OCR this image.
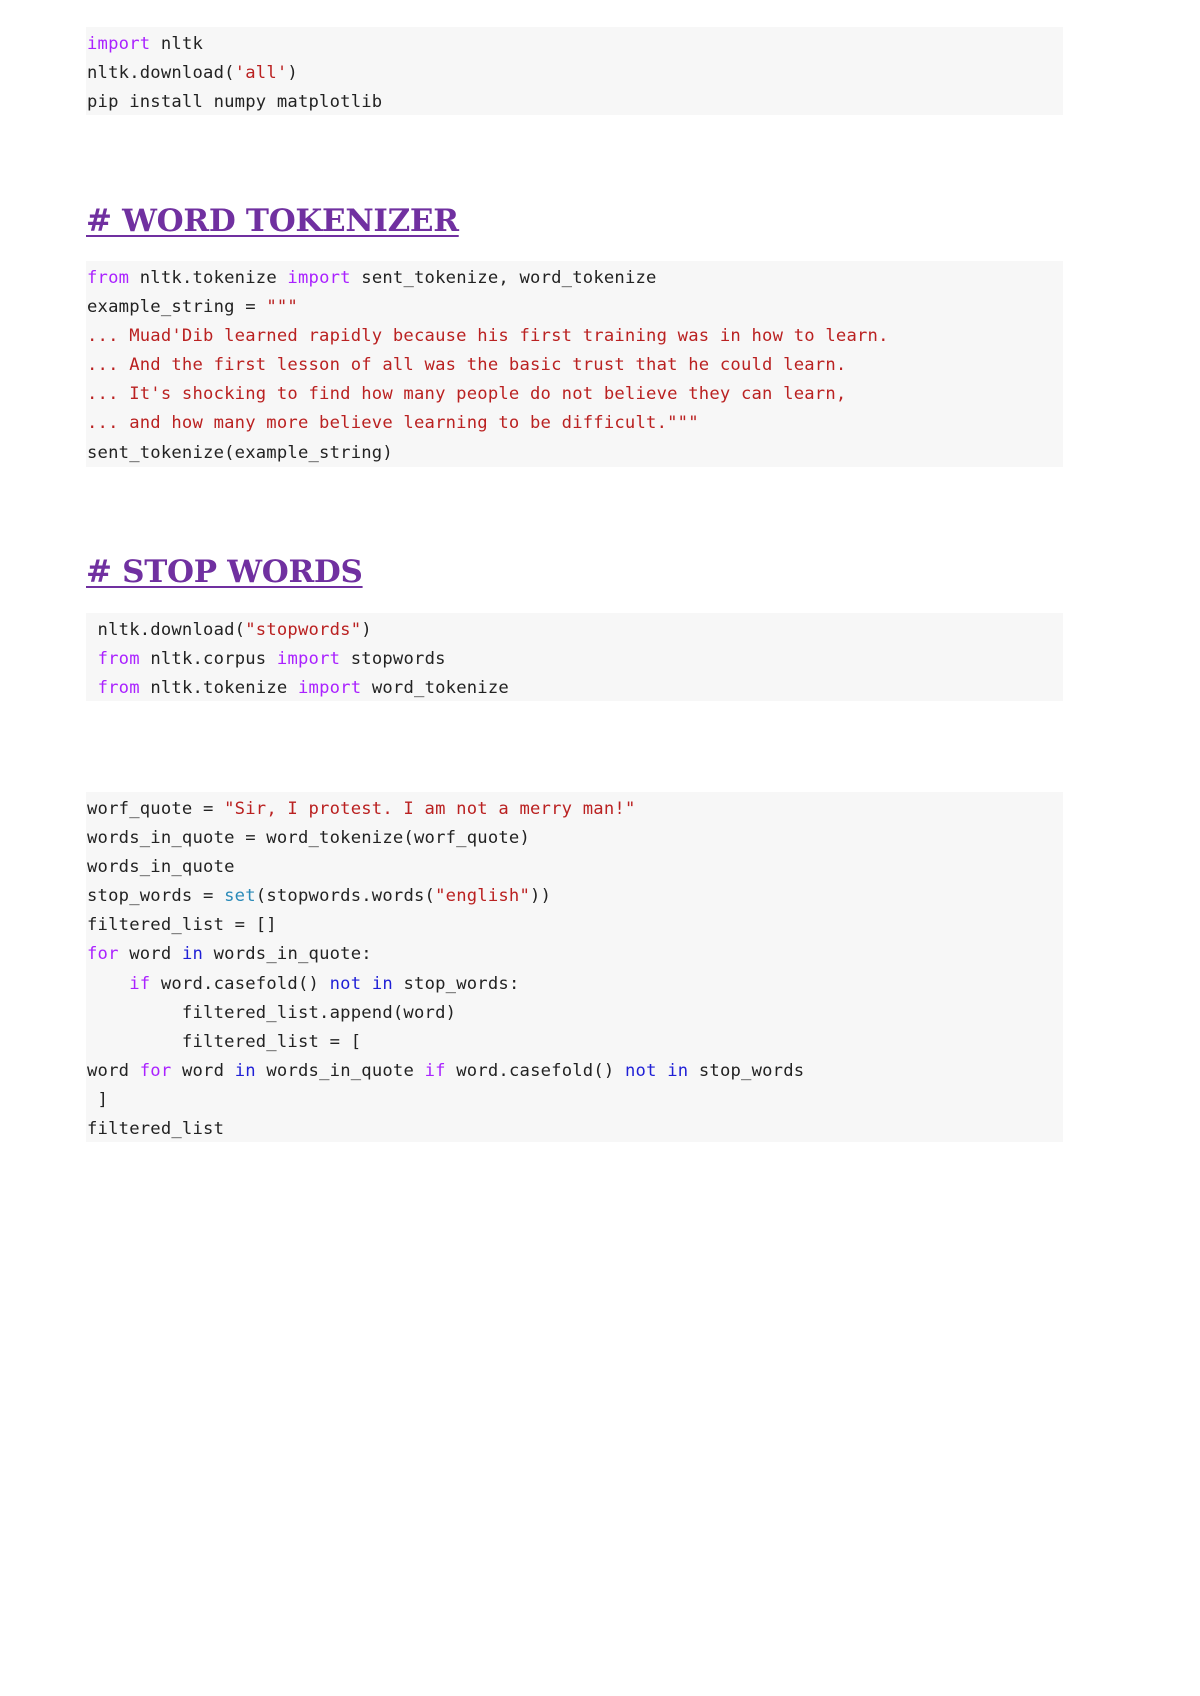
import nltk
nltk.download('all')
pip install numpy matplotlib
# WORD TOKENIZER
from nltk.tokenize import sent_tokenize, word_tokenize
example_string = """
... Muad'Dib learned rapidly because his first training was in how to learn.
... And the first lesson of all was the basic trust that he could learn.
... It's shocking to find how many people do not believe they can learn,
... and how many more believe learning to be difficult."""
sent_tokenize(example_string)
# STOP WORDS
nltk.download("stopwords")
from nltk.corpus import stopwords
from nltk.tokenize import word_tokenize
worf_quote = "Sir, I protest. I am not a merry man!"
words_in_quote = word_tokenize(worf_quote)
words_in_quote
stop_words = set(stopwords.words("english"))
filtered_list = []
for word in words_in_quote:
if word.casefold() not in stop_words:
filtered_list.append(word)
filtered_list = [
word for word in words_in_quote if word.casefold() not in stop_words
]
filtered_list
